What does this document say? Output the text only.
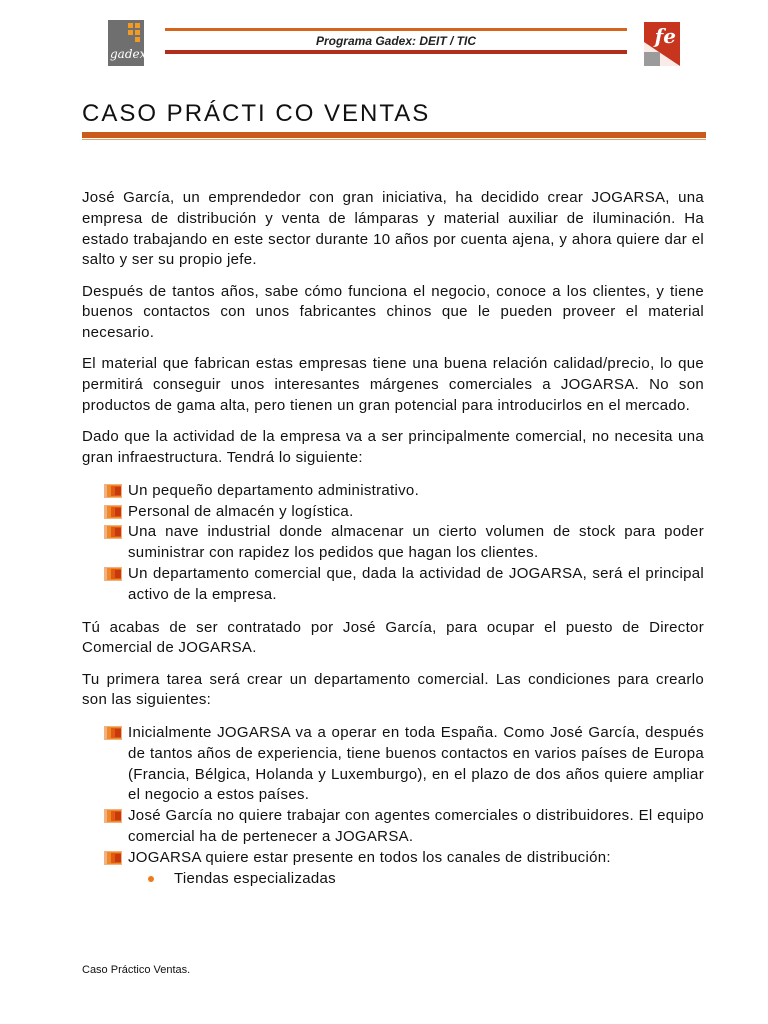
gadex
Programa Gadex: DEIT / TIC	fe
CASO PRÁCTI CO VENTAS

José García, un emprendedor con gran iniciativa, ha decidido crear JOGARSA, una empresa de distribución y venta de lámparas y material auxiliar de iluminación. Ha estado trabajando en este sector durante 10 años por cuenta ajena, y ahora quiere dar el salto y ser su propio jefe.

Después de tantos años, sabe cómo funciona el negocio, conoce a los clientes, y tiene buenos contactos con unos fabricantes chinos que le pueden proveer el material necesario.

El material que fabrican estas empresas tiene una buena relación calidad/precio, lo que permitirá conseguir unos interesantes márgenes comerciales a JOGARSA. No son productos de gama alta, pero tienen un gran potencial para introducirlos en el mercado.

Dado que la actividad de la empresa va a ser principalmente comercial, no necesita una gran infraestructura. Tendrá lo siguiente:

Un pequeño departamento administrativo.
Personal de almacén y logística.
Una nave industrial donde almacenar un cierto volumen de stock para poder suministrar con rapidez los pedidos que hagan los clientes.
Un departamento comercial que, dada la actividad de JOGARSA, será el principal activo de la empresa.

Tú acabas de ser contratado por José García, para ocupar el puesto de Director Comercial de JOGARSA.

Tu primera tarea será crear un departamento comercial. Las condiciones para crearlo son las siguientes:

Inicialmente JOGARSA va a operar en toda España. Como José García, después de tantos años de experiencia, tiene buenos contactos en varios países de Europa (Francia, Bélgica, Holanda y Luxemburgo), en el plazo de dos años quiere ampliar el negocio a estos países.
José García no quiere trabajar con agentes comerciales o distribuidores. El equipo comercial ha de pertenecer a JOGARSA.
JOGARSA quiere estar presente en todos los canales de distribución:
Tiendas especializadas
Caso Práctico Ventas.
